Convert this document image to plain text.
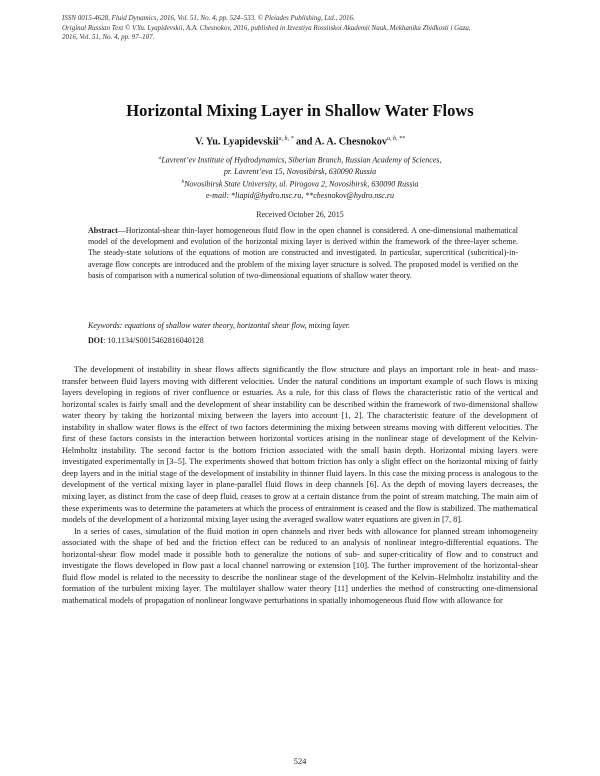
ISSN 0015-4628, Fluid Dynamics, 2016, Vol. 51, No. 4, pp. 524–533. © Pleiades Publishing, Ltd., 2016.
Original Russian Text © V.Yu. Lyapidevskii, A.A. Chesnokov, 2016, published in Izvestiya Rossiiskoi Akademii Nauk, Mekhanika Zhidkosti i Gaza,
2016, Vol. 51, No. 4, pp. 97–107.
Horizontal Mixing Layer in Shallow Water Flows
V. Yu. Lyapidevskii$^{a, b, *}$ and A. A. Chesnokov$^{a, b, **}$
$^a$Lavrent’ev Institute of Hydrodynamics, Siberian Branch, Russian Academy of Sciences,
pr. Lavrent’eva 15, Novosibirsk, 630090 Russia
$^b$Novosibirsk State University, ul. Pirogova 2, Novosibirsk, 630090 Russia
e-mail: *liapid@hydro.nsc.ru, **chesnokov@hydro.nsc.ru
Received October 26, 2015
Abstract—Horizontal-shear thin-layer homogeneous fluid flow in the open channel is considered. A one-dimensional mathematical model of the development and evolution of the horizontal mixing layer is derived within the framework of the three-layer scheme. The steady-state solutions of the equations of motion are constructed and investigated. In particular, supercritical (subcritical)-in-average flow concepts are introduced and the problem of the mixing layer structure is solved. The proposed model is verified on the basis of comparison with a numerical solution of two-dimensional equations of shallow water theory.
Keywords: equations of shallow water theory, horizontal shear flow, mixing layer.
DOI: 10.1134/S0015462816040128

The development of instability in shear flows affects significantly the flow structure and plays an important role in heat- and mass-transfer between fluid layers moving with different velocities. Under the natural conditions an important example of such flows is mixing layers developing in regions of river confluence or estuaries. As a rule, for this class of flows the characteristic ratio of the vertical and horizontal scales is fairly small and the development of shear instability can be described within the framework of two-dimensional shallow water theory by taking the horizontal mixing between the layers into account [1, 2]. The characteristic feature of the development of instability in shallow water flows is the effect of two factors determining the mixing between streams moving with different velocities. The first of these factors consists in the interaction between horizontal vortices arising in the nonlinear stage of development of the Kelvin-Helmholtz instability. The second factor is the bottom friction associated with the small basin depth. Horizontal mixing layers were investigated experimentally in [3–5]. The experiments showed that bottom friction has only a slight effect on the horizontal mixing of fairly deep layers and in the initial stage of the development of instability in thinner fluid layers. In this case the mixing process is analogous to the development of the vertical mixing layer in plane-parallel fluid flows in deep channels [6]. As the depth of moving layers decreases, the mixing layer, as distinct from the case of deep fluid, ceases to grow at a certain distance from the point of stream matching. The main aim of these experiments was to determine the parameters at which the process of entrainment is ceased and the flow is stabilized. The mathematical models of the development of a horizontal mixing layer using the averaged swallow water equations are given in [7, 8].

In a series of cases, simulation of the fluid motion in open channels and river beds with allowance for planned stream inhomogeneity associated with the shape of bed and the friction effect can be reduced to an analysis of nonlinear integro-differential equations. The horizontal-shear flow model made it possible both to generalize the notions of sub- and super-criticality of flow and to construct and investigate the flows developed in flow past a local channel narrowing or extension [10]. The further improvement of the horizontal-shear fluid flow model is related to the necessity to describe the nonlinear stage of the development of the Kelvin–Helmholtz instability and the formation of the turbulent mixing layer. The multilayer shallow water theory [11] underlies the method of constructing one-dimensional mathematical models of propagation of nonlinear longwave perturbations in spatially inhomogeneous fluid flow with allowance for

524
